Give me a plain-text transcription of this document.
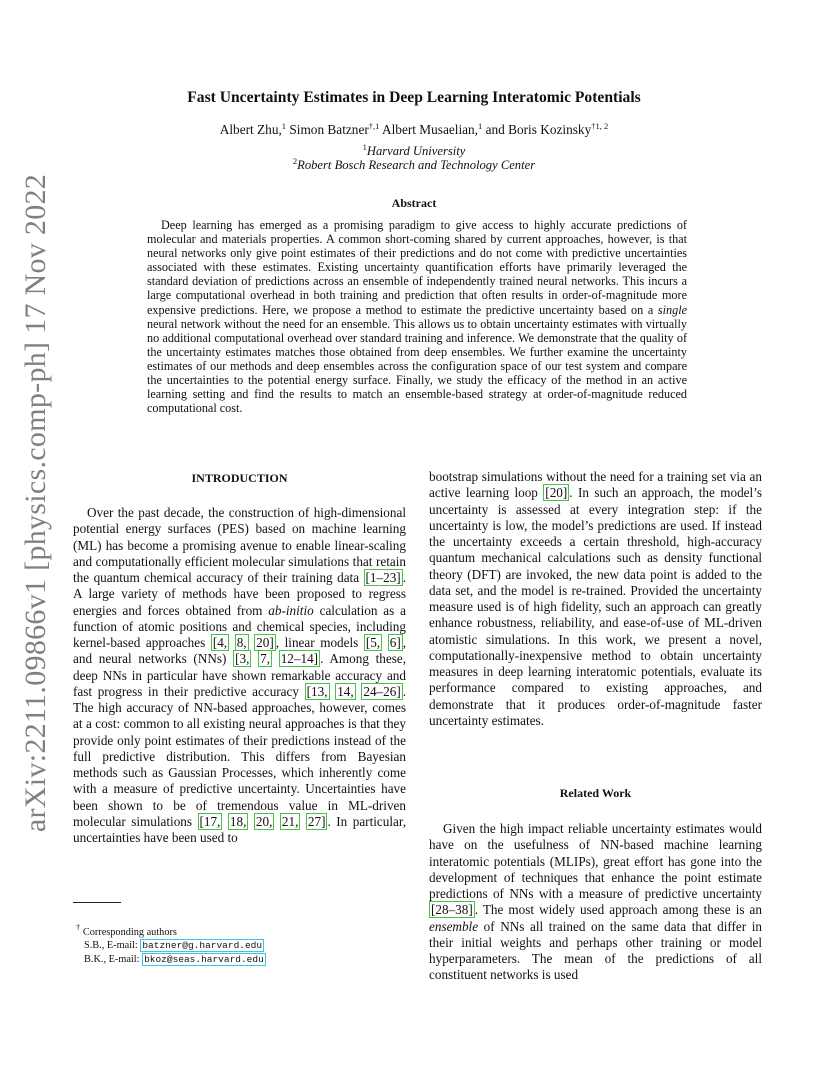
arXiv:2211.09866v1 [physics.comp-ph] 17 Nov 2022
Fast Uncertainty Estimates in Deep Learning Interatomic Potentials
Albert Zhu,$^1$ Simon Batzner$^{\dagger,1}$ Albert Musaelian,$^1$ and Boris Kozinsky$^{\dagger 1, 2}$
$^1$Harvard University
$^2$Robert Bosch Research and Technology Center
Abstract

Deep learning has emerged as a promising paradigm to give access to highly accurate predictions of molecular and materials properties. A common short-coming shared by current approaches, however, is that neural networks only give point estimates of their predictions and do not come with predictive uncertainties associated with these estimates. Existing uncertainty quantification efforts have primarily leveraged the standard deviation of predictions across an ensemble of independently trained neural networks. This incurs a large computational overhead in both training and prediction that often results in order-of-magnitude more expensive predictions. Here, we propose a method to estimate the predictive uncertainty based on a single neural network without the need for an ensemble. This allows us to obtain uncertainty estimates with virtually no additional computational overhead over standard training and inference. We demonstrate that the quality of the uncertainty estimates matches those obtained from deep ensembles. We further examine the uncertainty estimates of our methods and deep ensembles across the configuration space of our test system and compare the uncertainties to the potential energy surface. Finally, we study the efficacy of the method in an active learning setting and find the results to match an ensemble-based strategy at order-of-magnitude reduced computational cost.

INTRODUCTION

Over the past decade, the construction of high-dimensional potential energy surfaces (PES) based on machine learning (ML) has become a promising avenue to enable linear-scaling and computationally efficient molecular simulations that retain the quantum chemical accuracy of their training data [1–23] . A large variety of methods have been proposed to regress energies and forces obtained from ab-initio calculation as a function of atomic positions and chemical species, including kernel-based approaches [4, 8, 20] , linear models [5, 6] , and neural networks (NNs) [3, 7, 12–14] . Among these, deep NNs in particular have shown remarkable accuracy and fast progress in their predictive accuracy [13, 14, 24–26] . The high accuracy of NN-based approaches, however, comes at a cost: common to all existing neural approaches is that they provide only point estimates of their predictions instead of the full predictive distribution. This differs from Bayesian methods such as Gaussian Processes, which inherently come with a measure of predictive uncertainty. Uncertainties have been shown to be of tremendous value in ML-driven molecular simulations [17, 18, 20, 21, 27] . In particular, uncertainties have been used to

bootstrap simulations without the need for a training set via an active learning loop [20] . In such an approach, the model’s uncertainty is assessed at every integration step: if the uncertainty is low, the model’s predictions are used. If instead the uncertainty exceeds a certain threshold, high-accuracy quantum mechanical calculations such as density functional theory (DFT) are invoked, the new data point is added to the data set, and the model is re-trained. Provided the uncertainty measure used is of high fidelity, such an approach can greatly enhance robustness, reliability, and ease-of-use of ML-driven atomistic simulations. In this work, we present a novel, computationally-inexpensive method to obtain uncertainty measures in deep learning interatomic potentials, evaluate its performance compared to existing approaches, and demonstrate that it produces order-of-magnitude faster uncertainty estimates.

Related Work

Given the high impact reliable uncertainty estimates would have on the usefulness of NN-based machine learning interatomic potentials (MLIPs), great effort has gone into the development of techniques that enhance the point estimate predictions of NNs with a measure of predictive uncertainty [28–38] . The most widely used approach among these is an ensemble of NNs all trained on the same data that differ in their initial weights and perhaps other training or model hyperparameters. The mean of the predictions of all constituent networks is used

† Corresponding authors
S.B., E-mail: batzner@g.harvard.edu
B.K., E-mail: bkoz@seas.harvard.edu
